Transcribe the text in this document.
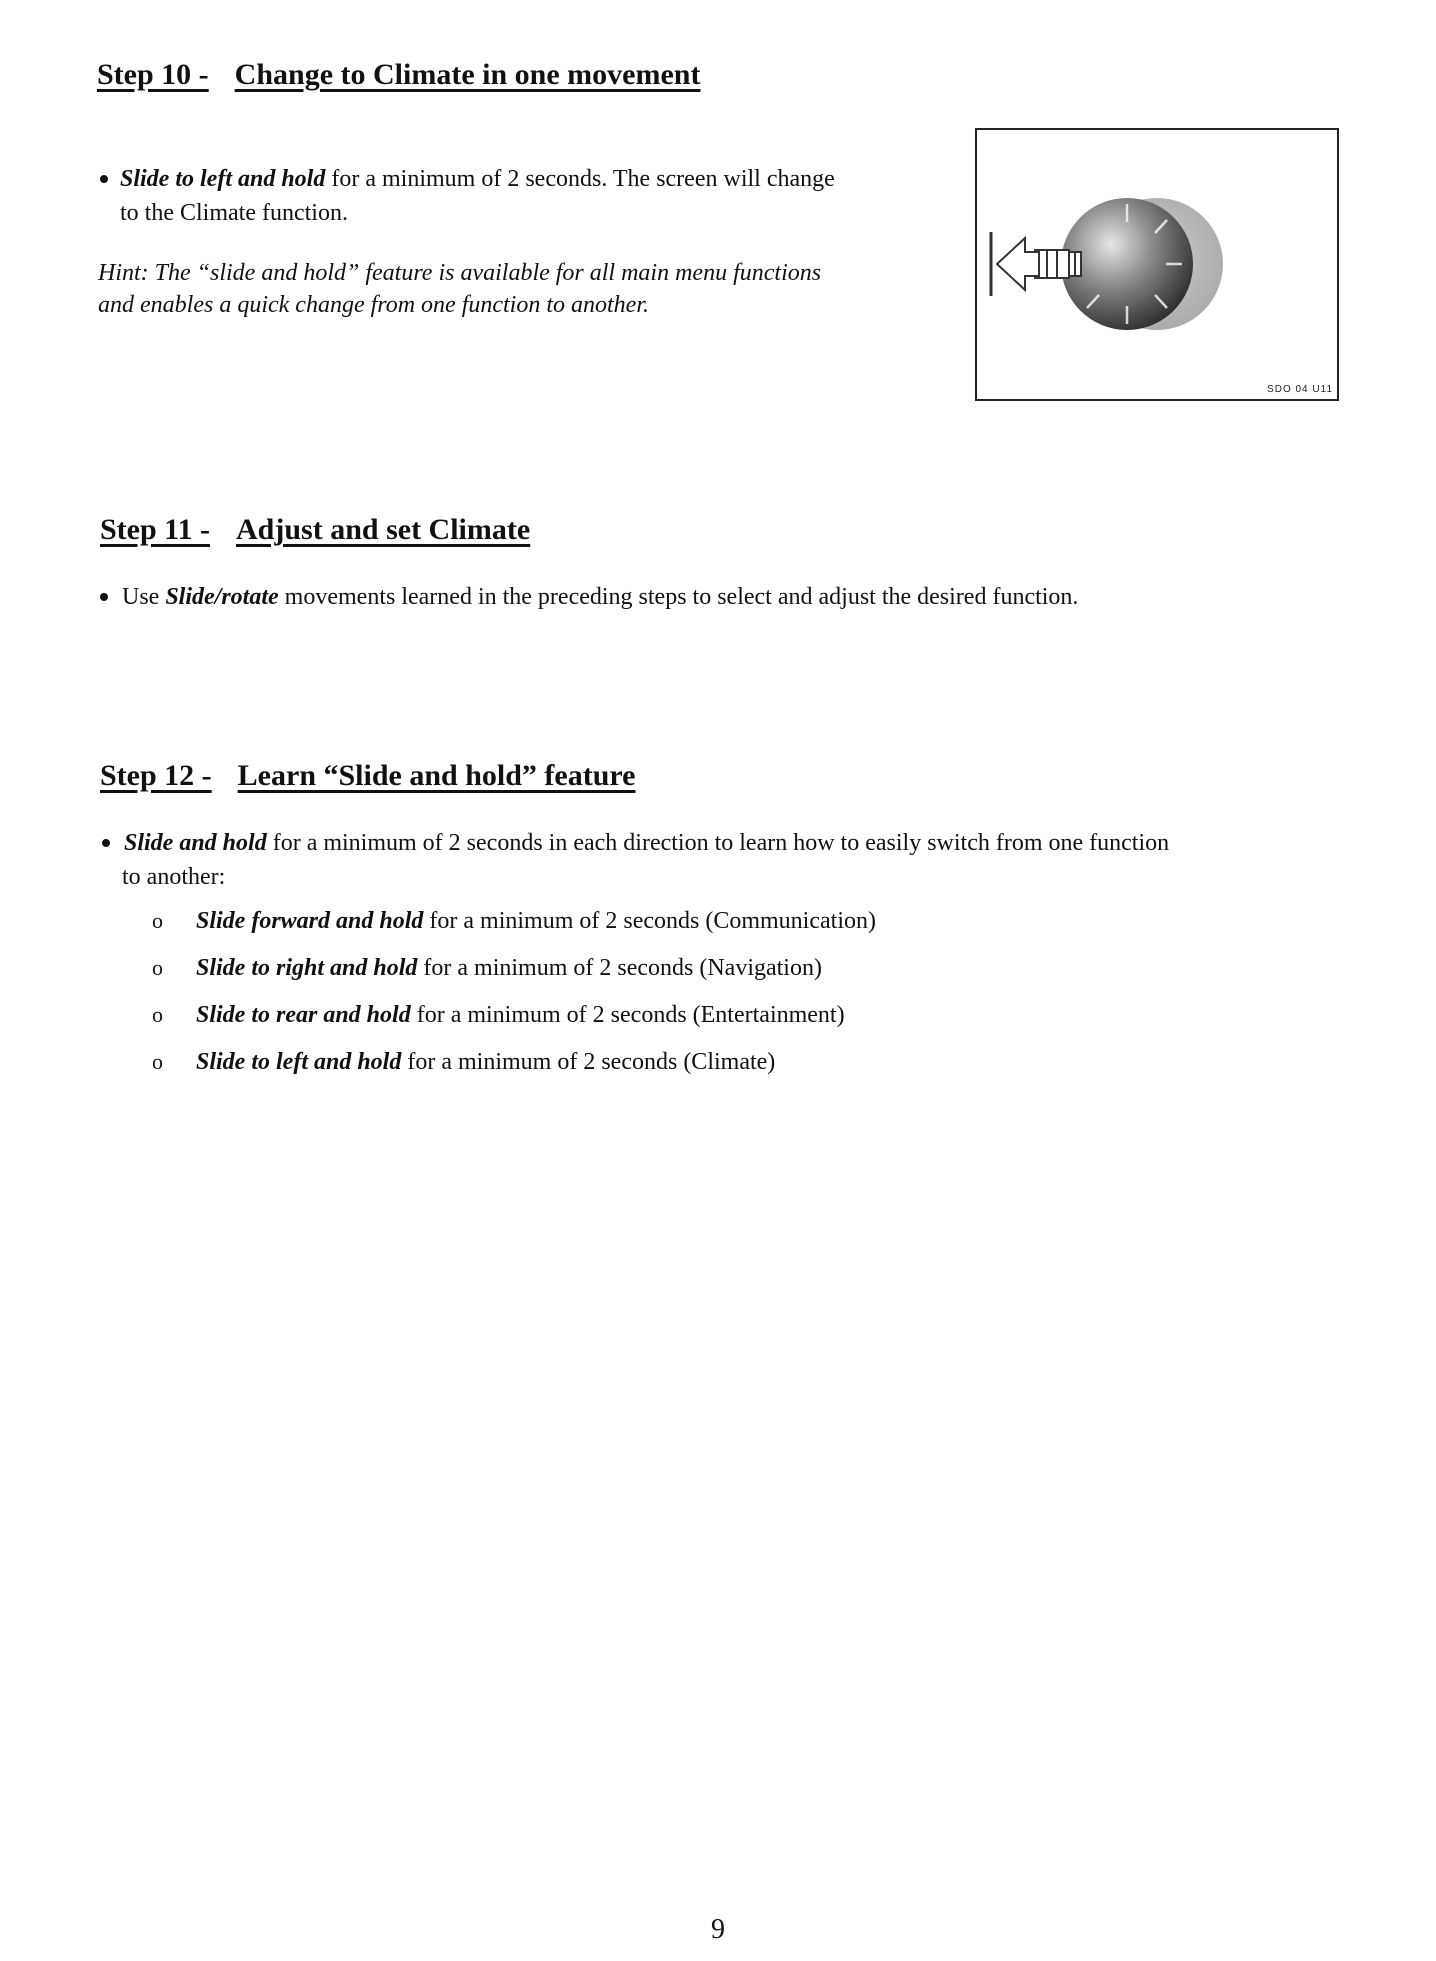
Step 10 - Change to Climate in one movement
Slide to left and hold for a minimum of 2 seconds. The screen will change
to the Climate function.
Hint: The “slide and hold” feature is available for all main menu functions
and enables a quick change from one function to another.
SDO 04 U11
Step 11 - Adjust and set Climate
Use Slide/rotate movements learned in the preceding steps to select and adjust the desired function.
Step 12 - Learn “Slide and hold” feature
Slide and hold for a minimum of 2 seconds in each direction to learn how to easily switch from one function
to another:
o Slide forward and hold for a minimum of 2 seconds (Communication)
o Slide to right and hold for a minimum of 2 seconds (Navigation)
o Slide to rear and hold for a minimum of 2 seconds (Entertainment)
o Slide to left and hold for a minimum of 2 seconds (Climate)
9
